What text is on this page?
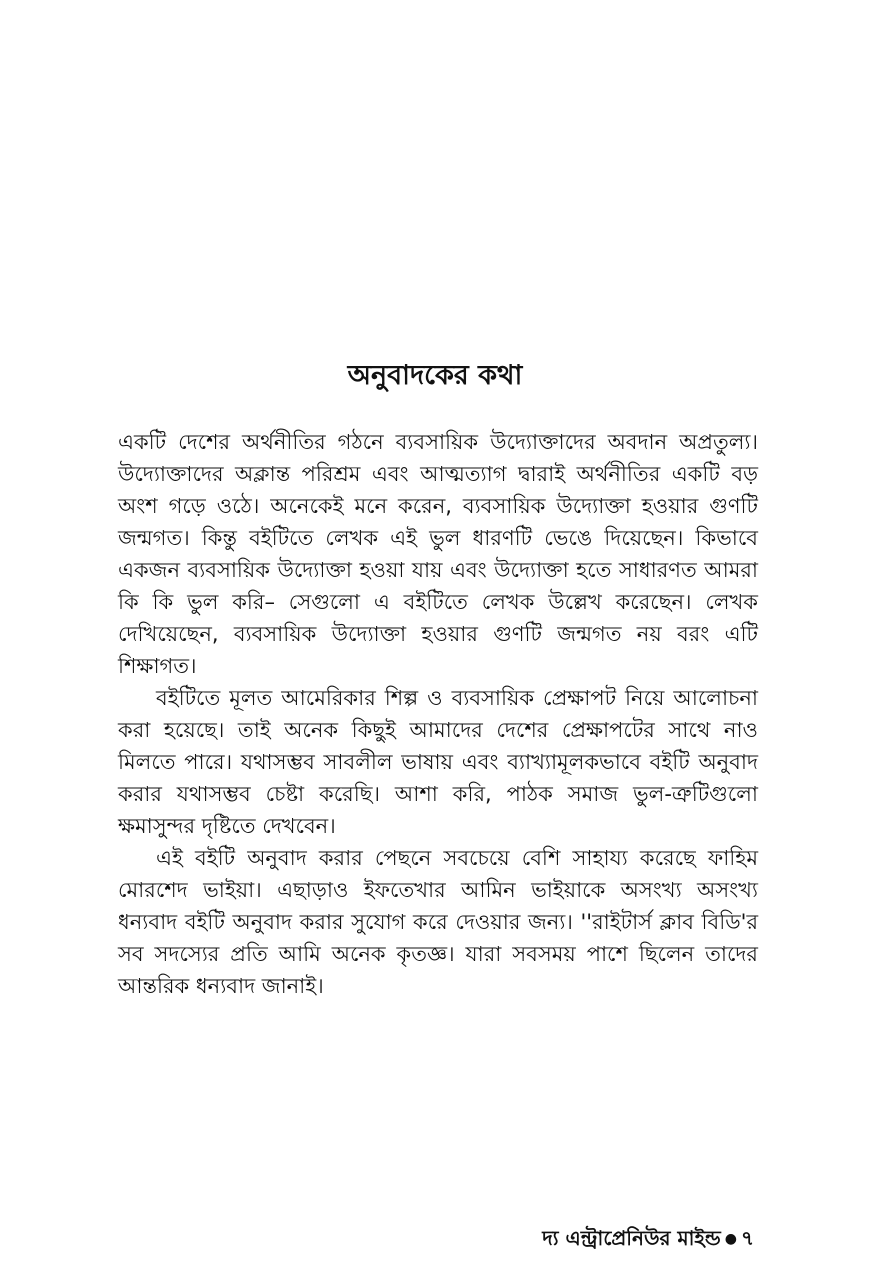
অনুবাদকের কথা

একটি দেশের অর্থনীতির গঠনে ব্যবসায়িক উদ্যোক্তাদের অবদান অপ্রতুল্য। উদ্যোক্তাদের অক্লান্ত পরিশ্রম এবং আত্মত্যাগ দ্বারাই অর্থনীতির একটি বড় অংশ গড়ে ওঠে। অনেকেই মনে করেন, ব্যবসায়িক উদ্যোক্তা হওয়ার গুণটি জন্মগত। কিন্তু বইটিতে লেখক এই ভুল ধারণটি ভেঙে দিয়েছেন। কিভাবে একজন ব্যবসায়িক উদ্যোক্তা হওয়া যায় এবং উদ্যোক্তা হতে সাধারণত আমরা কি কি ভুল করি– সেগুলো এ বইটিতে লেখক উল্লেখ করেছেন। লেখক দেখিয়েছেন, ব্যবসায়িক উদ্যোক্তা হওয়ার গুণটি জন্মগত নয় বরং এটি শিক্ষাগত।

বইটিতে মূলত আমেরিকার শিল্প ও ব্যবসায়িক প্রেক্ষাপট নিয়ে আলোচনা করা হয়েছে। তাই অনেক কিছুই আমাদের দেশের প্রেক্ষাপটের সাথে নাও মিলতে পারে। যথাসম্ভব সাবলীল ভাষায় এবং ব্যাখ্যামূলকভাবে বইটি অনুবাদ করার যথাসম্ভব চেষ্টা করেছি। আশা করি, পাঠক সমাজ ভুল-ত্রুটিগুলো ক্ষমাসুন্দর দৃষ্টিতে দেখবেন।

এই বইটি অনুবাদ করার পেছনে সবচেয়ে বেশি সাহায্য করেছে ফাহিম মোরশেদ ভাইয়া। এছাড়াও ইফতেখার আমিন ভাইয়াকে অসংখ্য অসংখ্য ধন্যবাদ বইটি অনুবাদ করার সুযোগ করে দেওয়ার জন্য। ''রাইটার্স ক্লাব বিডি'র সব সদস্যের প্রতি আমি অনেক কৃতজ্ঞ। যারা সবসময় পাশে ছিলেন তাদের আন্তরিক ধন্যবাদ জানাই।

দ্য এন্ট্রাপ্রেনিউর মাইন্ড ● ৭
